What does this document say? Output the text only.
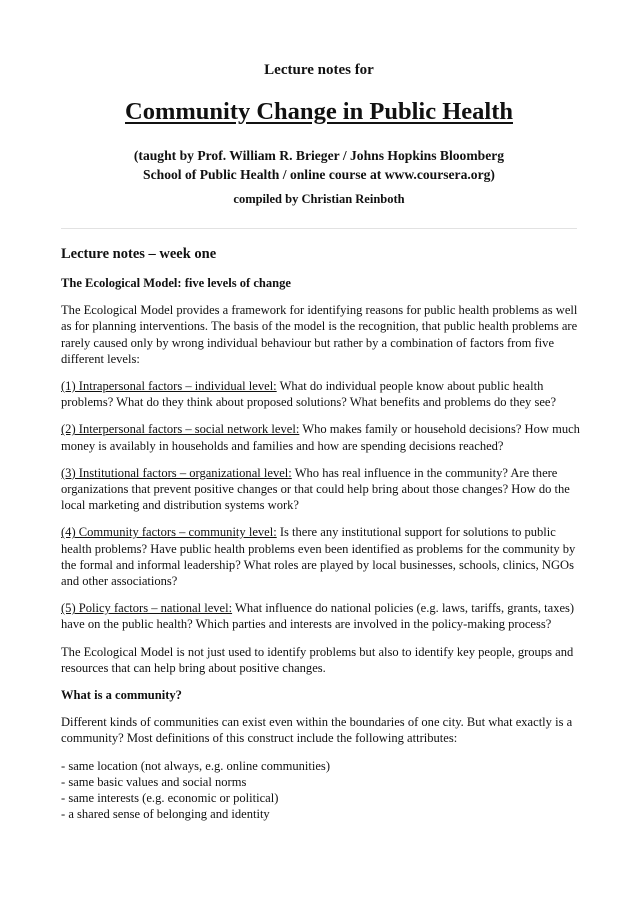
Lecture notes for
Community Change in Public Health
(taught by Prof. William R. Brieger / Johns Hopkins Bloomberg
School of Public Health / online course at www.coursera.org)
compiled by Christian Reinboth
Lecture notes – week one
The Ecological Model: five levels of change

The Ecological Model provides a framework for identifying reasons for public health problems as well as for planning interventions. The basis of the model is the recognition, that public health problems are rarely caused only by wrong individual behaviour but rather by a combination of factors from five different levels:

(1) Intrapersonal factors – individual level: What do individual people know about public health problems? What do they think about proposed solutions? What benefits and problems do they see?

(2) Interpersonal factors – social network level: Who makes family or household decisions? How much money is availably in households and families and how are spending decisions reached?

(3) Institutional factors – organizational level: Who has real influence in the community? Are there organizations that prevent positive changes or that could help bring about those changes? How do the local marketing and distribution systems work?

(4) Community factors – community level: Is there any institutional support for solutions to public health problems? Have public health problems even been identified as problems for the community by the formal and informal leadership? What roles are played by local businesses, schools, clinics, NGOs and other associations?

(5) Policy factors – national level: What influence do national policies (e.g. laws, tariffs, grants, taxes) have on the public health? Which parties and interests are involved in the policy-making process?

The Ecological Model is not just used to identify problems but also to identify key people, groups and resources that can help bring about positive changes.

What is a community?

Different kinds of communities can exist even within the boundaries of one city. But what exactly is a community? Most definitions of this construct include the following attributes:

- same location (not always, e.g. online communities)
- same basic values and social norms
- same interests (e.g. economic or political)
- a shared sense of belonging and identity
